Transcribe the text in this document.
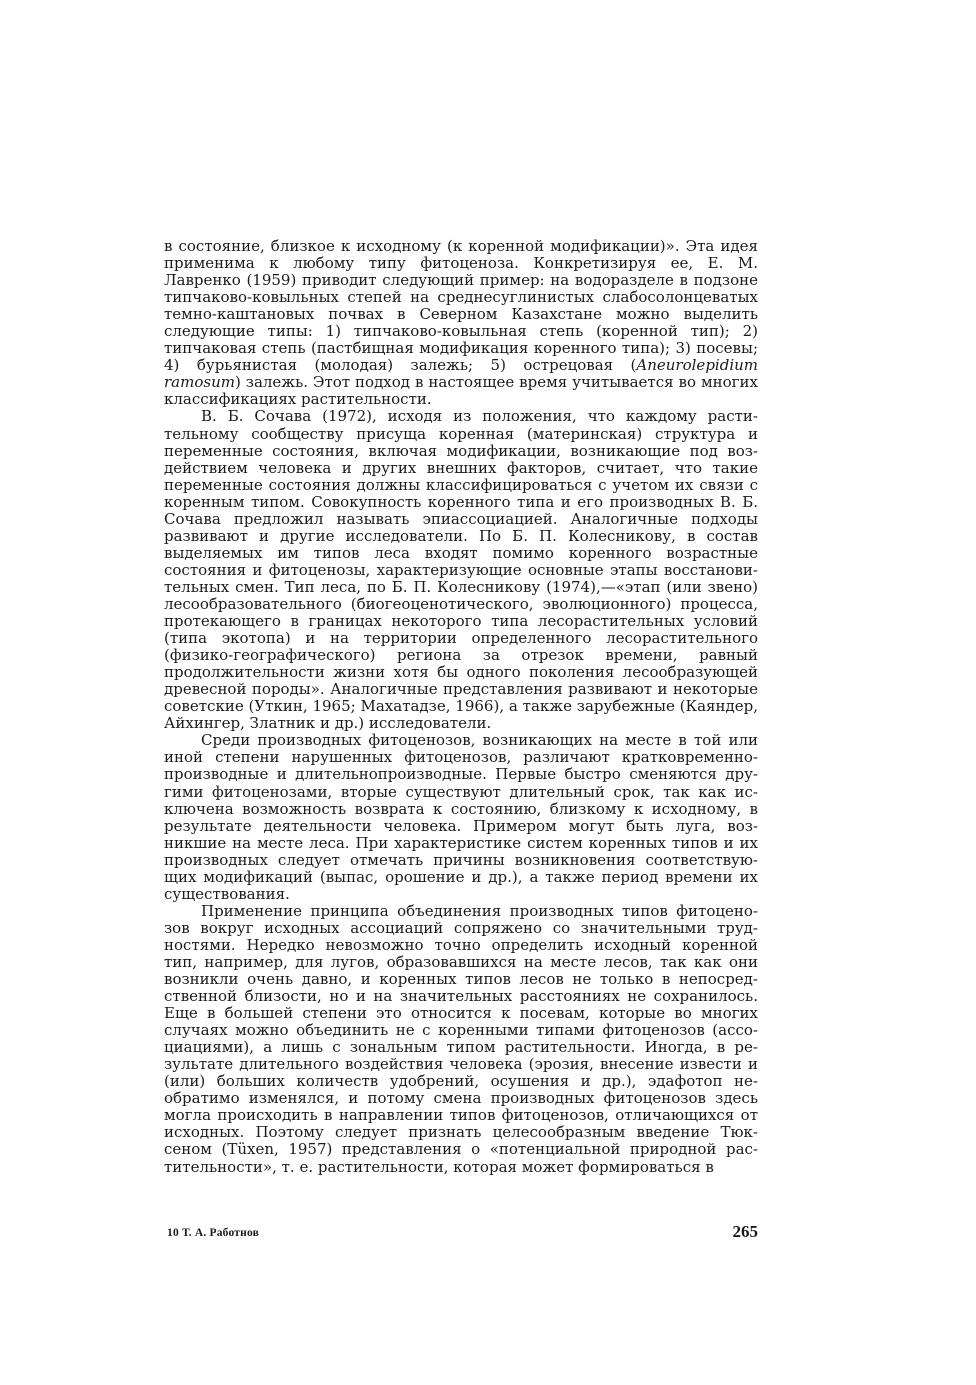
в состояние, близкое к исходному (к коренной модификации)». Эта идея применима к любому типу фитоценоза. Конкретизируя ее, Е. М. Лавренко (1959) приводит следующий пример: на водоразделе в подзоне типчаково-ковыльных степей на среднесуглинистых слабосолонцеватых темно-каштановых почвах в Северном Казахстане можно выделить следующие типы: 1) типчаково-ковыльная степь (коренной тип); 2) типчаковая степь (пастбищная модификация коренного типа); 3) посевы; 4) бурьянистая (молодая) залежь; 5) острецовая (Aneurolepidium ramosum) залежь. Этот подход в настоящее время учитывается во многих классификациях растительности.

В. Б. Сочава (1972), исходя из положения, что каждому растительному сообществу присуща коренная (материнская) структура и переменные состояния, включая модификации, возникающие под воздействием человека и других внешних факторов, считает, что такие переменные состояния должны классифицироваться с учетом их связи с коренным типом. Совокупность коренного типа и его производных В. Б. Сочава предложил называть эпиассоциацией. Аналогичные подходы развивают и другие исследователи. По Б. П. Колесникову, в состав выделяемых им типов леса входят помимо коренного возрастные состояния и фитоценозы, характеризующие основные этапы восстановительных смен. Тип леса, по Б. П. Колесникову (1974),—«этап (или звено) лесообразовательного (биогеоценотического, эволюционного) процесса, протекающего в границах некоторого типа лесорастительных условий (типа экотопа) и на территории определенного лесорастительного (физико-географического) региона за отрезок времени, равный продолжительности жизни хотя бы одного поколения лесообразующей древесной породы». Аналогичные представления развивают и некоторые советские (Уткин, 1965; Махатадзе, 1966), а также зарубежные (Каяндер, Айхингер, Златник и др.) исследователи.

Среди производных фитоценозов, возникающих на месте в той или иной степени нарушенных фитоценозов, различают кратковременнопроизводные и длительнопроизводные. Первые быстро сменяются другими фитоценозами, вторые существуют длительный срок, так как исключена возможность возврата к состоянию, близкому к исходному, в результате деятельности человека. Примером могут быть луга, возникшие на месте леса. При характеристике систем коренных типов и их производных следует отмечать причины возникновения соответствующих модификаций (выпас, орошение и др.), а также период времени их существования.

Применение принципа объединения производных типов фитоценозов вокруг исходных ассоциаций сопряжено со значительными трудностями. Нередко невозможно точно определить исходный коренной тип, например, для лугов, образовавшихся на месте лесов, так как они возникли очень давно, и коренных типов лесов не только в непосредственной близости, но и на значительных расстояниях не сохранилось. Еще в большей степени это относится к посевам, которые во многих случаях можно объединить не с коренными типами фитоценозов (ассоциациями), а лишь с зональным типом растительности. Иногда, в результате длительного воздействия человека (эрозия, внесение извести и (или) больших количеств удобрений, осушения и др.), эдафотоп необратимо изменялся, и потому смена производных фитоценозов здесь могла происходить в направлении типов фитоценозов, отличающихся от исходных. Поэтому следует признать целесообразным введение Тюксеном (Tüxen, 1957) представления о «потенциальной природной растительности», т. е. растительности, которая может формироваться в

10 Т. А. Работнов	265
